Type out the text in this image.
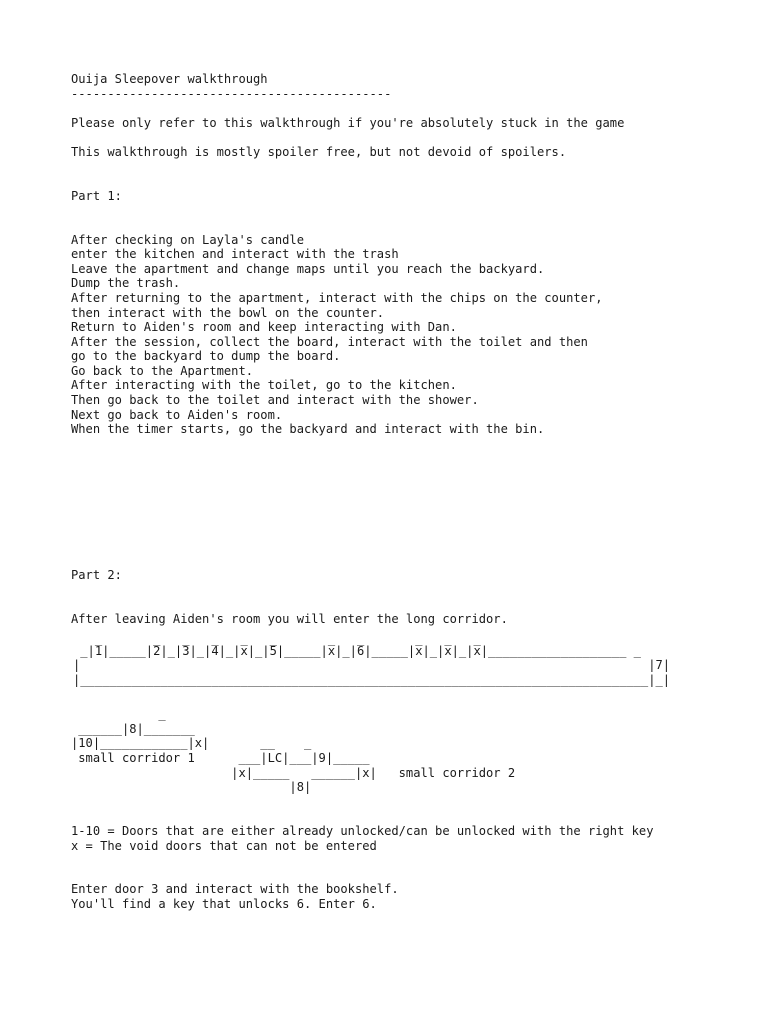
Ouija Sleepover walkthrough
--------------------------------------------
Please only refer to this walkthrough if you're absolutely stuck in the game
This walkthrough is mostly spoiler free, but not devoid of spoilers.
Part 1:
After checking on Layla's candle
enter the kitchen and interact with the trash
Leave the apartment and change maps until you reach the backyard.
Dump the trash.
After returning to the apartment, interact with the chips on the counter,
then interact with the bowl on the counter.
Return to Aiden's room and keep interacting with Dan.
After the session, collect the board, interact with the toilet and then
go to the backyard to dump the board.
Go back to the Apartment.
After interacting with the toilet, go to the kitchen.
Then go back to the toilet and interact with the shower.
Next go back to Aiden's room.
When the timer starts, go the backyard and interact with the bin.
Part 2:
After leaving Aiden's room you will enter the long corridor.
_|̅1|_____|̅2|_|̅3|_|̅4|_|x̅|_|̅5|_____|x̅|_|̅6|_____|x̅|_|x̅|_|x̅|___________________ _
|                                                                              |7|
|______________________________________________________________________________|_|
_
______|8|_______
|10|____________|x|       __    _
small corridor 1      ___|LC|___|9|_____
|x|_____   ______|x|   small corridor 2
|8|
1-10 = Doors that are either already unlocked/can be unlocked with the right key
x = The void doors that can not be entered
Enter door 3 and interact with the bookshelf.
You'll find a key that unlocks 6. Enter 6.
